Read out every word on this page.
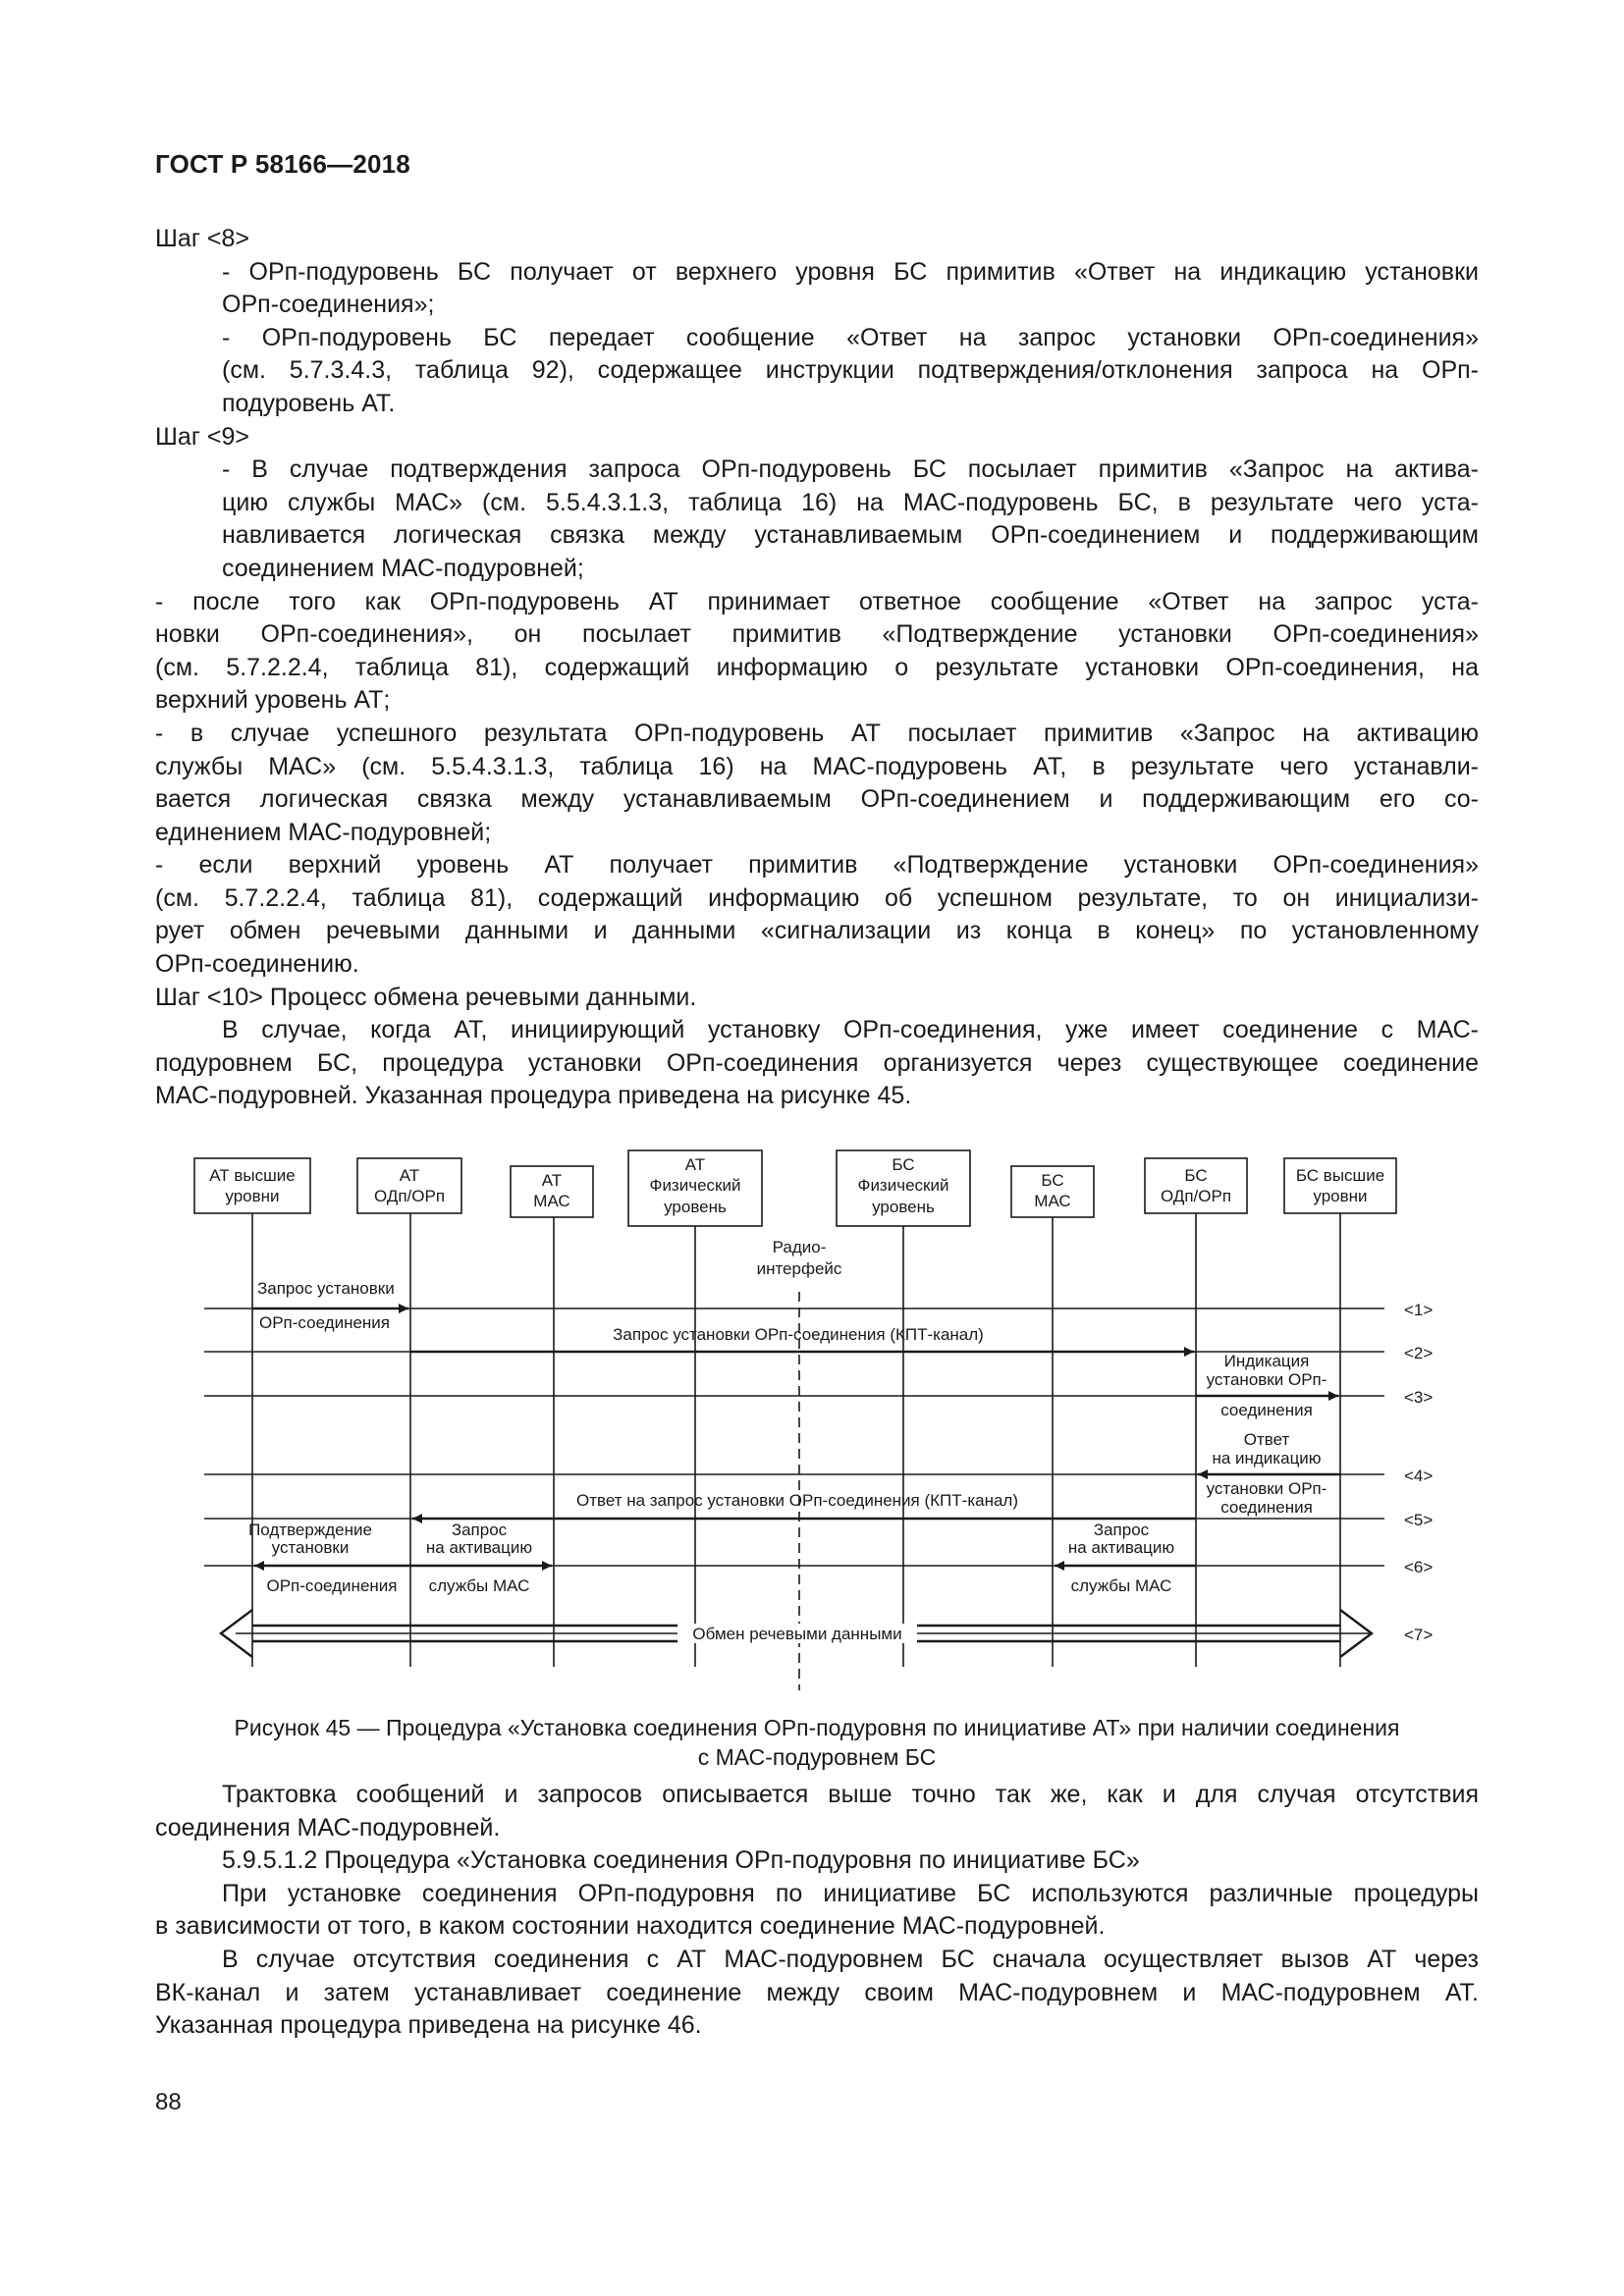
ГОСТ Р 58166—2018

Шаг <8>

- ОРп-подуровень БС получает от верхнего уровня БС примитив «Ответ на индикацию установки

ОРп-соединения»;

- ОРп-подуровень БС передает сообщение «Ответ на запрос установки ОРп-соединения»

(см. 5.7.3.4.3, таблица 92), содержащее инструкции подтверждения/отклонения запроса на ОРп-

подуровень АТ.

Шаг <9>

- В случае подтверждения запроса ОРп-подуровень БС посылает примитив «Запрос на актива-

цию службы МАС» (см. 5.5.4.3.1.3, таблица 16) на МАС-подуровень БС, в результате чего уста-

навливается логическая связка между устанавливаемым ОРп-соединением и поддерживающим

соединением МАС-подуровней;

- после того как ОРп-подуровень АТ принимает ответное сообщение «Ответ на запрос уста-

новки ОРп-соединения», он посылает примитив «Подтверждение установки ОРп-соединения»

(см. 5.7.2.2.4, таблица 81), содержащий информацию о результате установки ОРп-соединения, на

верхний уровень АТ;

- в случае успешного результата ОРп-подуровень АТ посылает примитив «Запрос на активацию

службы МАС» (см. 5.5.4.3.1.3, таблица 16) на МАС-подуровень АТ, в результате чего устанавли-

вается логическая связка между устанавливаемым ОРп-соединением и поддерживающим его со-

единением МАС-подуровней;

- если верхний уровень АТ получает примитив «Подтверждение установки ОРп-соединения»

(см. 5.7.2.2.4, таблица 81), содержащий информацию об успешном результате, то он инициализи-

рует обмен речевыми данными и данными «сигнализации из конца в конец» по установленному

ОРп-соединению.

Шаг <10> Процесс обмена речевыми данными.

В случае, когда АТ, инициирующий установку ОРп-соединения, уже имеет соединение с МАС-

подуровнем БС, процедура установки ОРп-соединения организуется через существующее соединение

МАС-подуровней. Указанная процедура приведена на рисунке 45.

АТ высшие
уровни
АТ
ОДп/ОРп
АТ
МАС
АТ
Физический
уровень
БС
Физический
уровень
БС
МАС
БС
ОДп/ОРп
БС высшие
уровни
Радио-
интерфейс
Запрос установки ОРп-соединения (КПТ-канал)
Индикация
установки ОРп-
соединения
Ответ
на индикацию
установки ОРп-
соединения
Ответ на запрос установки ОРп-соединения (КПТ-канал)
Подтверждение
установки
ОРп-соединения
Запрос
на активацию
службы МАС
Запрос
на активацию
службы МАС
Обмен речевыми данными
Запрос установки
ОРп-соединения
<1>
<2>
<3>
<4>
<5>
<6>
<7>

Рисунок 45 — Процедура «Установка соединения ОРп-подуровня по инициативе АТ» при наличии соединения

с МАС-подуровнем БС

Трактовка сообщений и запросов описывается выше точно так же, как и для случая отсутствия

соединения МАС-подуровней.

5.9.5.1.2 Процедура «Установка соединения ОРп-подуровня по инициативе БС»

При установке соединения ОРп-подуровня по инициативе БС используются различные процедуры

в зависимости от того, в каком состоянии находится соединение МАС-подуровней.

В случае отсутствия соединения с АТ МАС-подуровнем БС сначала осуществляет вызов АТ через

ВК-канал и затем устанавливает соединение между своим МАС-подуровнем и МАС-подуровнем АТ.

Указанная процедура приведена на рисунке 46.

88
